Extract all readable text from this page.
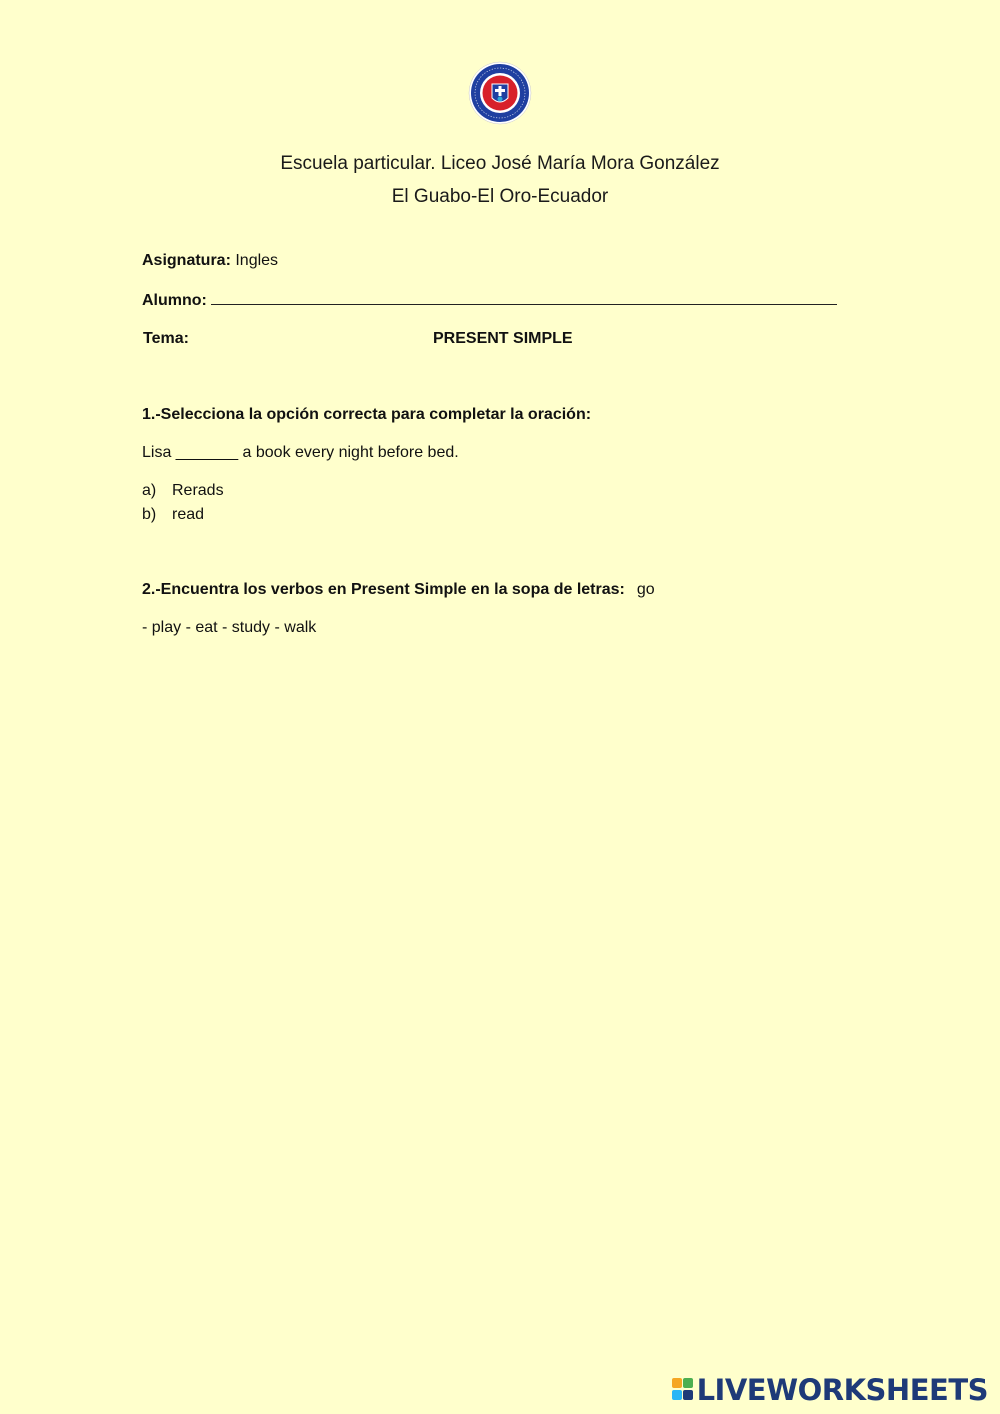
Escuela particular. Liceo José María Mora González
El Guabo-El Oro-Ecuador
Asignatura: Ingles
Alumno:
Tema:	PRESENT SIMPLE
1.-Selecciona la opción correcta para completar la oración:
Lisa _______ a book every night before bed.
a) Rerads
b) read
2.-Encuentra los verbos en Present Simple en la sopa de letras: go
- play - eat - study - walk
LIVEWORKSHEETS
